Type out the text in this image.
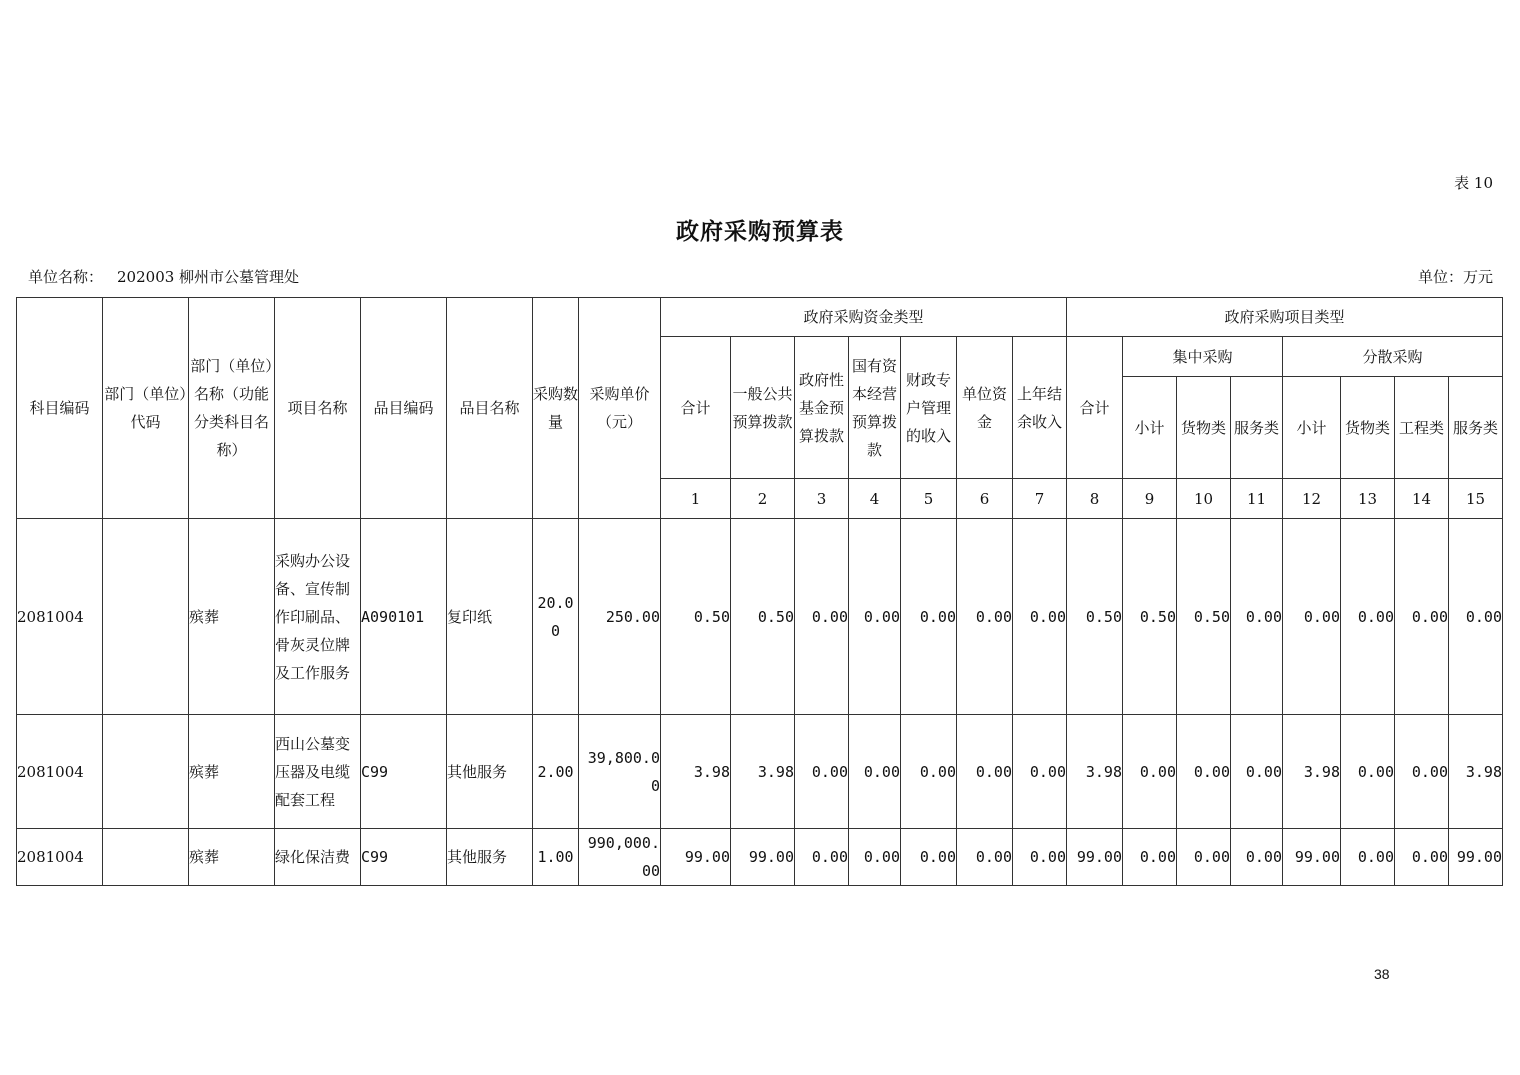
表 10
政府采购预算表
单位名称： 202003 柳州市公墓管理处	单位：万元
科目编码	部门（单位）代码	部门（单位）名称（功能分类科目名称）	项目名称	品目编码	品目名称	采购数量	采购单价（元）	政府采购资金类型							政府采购项目类型							
								合计	一般公共预算拨款	政府性基金预算拨款	国有资本经营预算拨款	财政专户管理的收入	单位资金	上年结余收入	合计	集中采购			分散采购			
																小计	货物类	服务类	小计	货物类	工程类	服务类
								1	2	3	4	5	6	7	8	9	10	11	12	13	14	15
2081004		殡葬	采购办公设备、宣传制作印刷品、骨灰灵位牌及工作服务	A090101	复印纸	20.00	250.00	0.50	0.50	0.00	0.00	0.00	0.00	0.00	0.50	0.50	0.50	0.00	0.00	0.00	0.00	0.00
2081004		殡葬	西山公墓变压器及电缆配套工程	C99	其他服务	2.00	39,800.00	3.98	3.98	0.00	0.00	0.00	0.00	0.00	3.98	0.00	0.00	0.00	3.98	0.00	0.00	3.98
2081004		殡葬	绿化保洁费	C99	其他服务	1.00	990,000.00	99.00	99.00	0.00	0.00	0.00	0.00	0.00	99.00	0.00	0.00	0.00	99.00	0.00	0.00	99.00
38
